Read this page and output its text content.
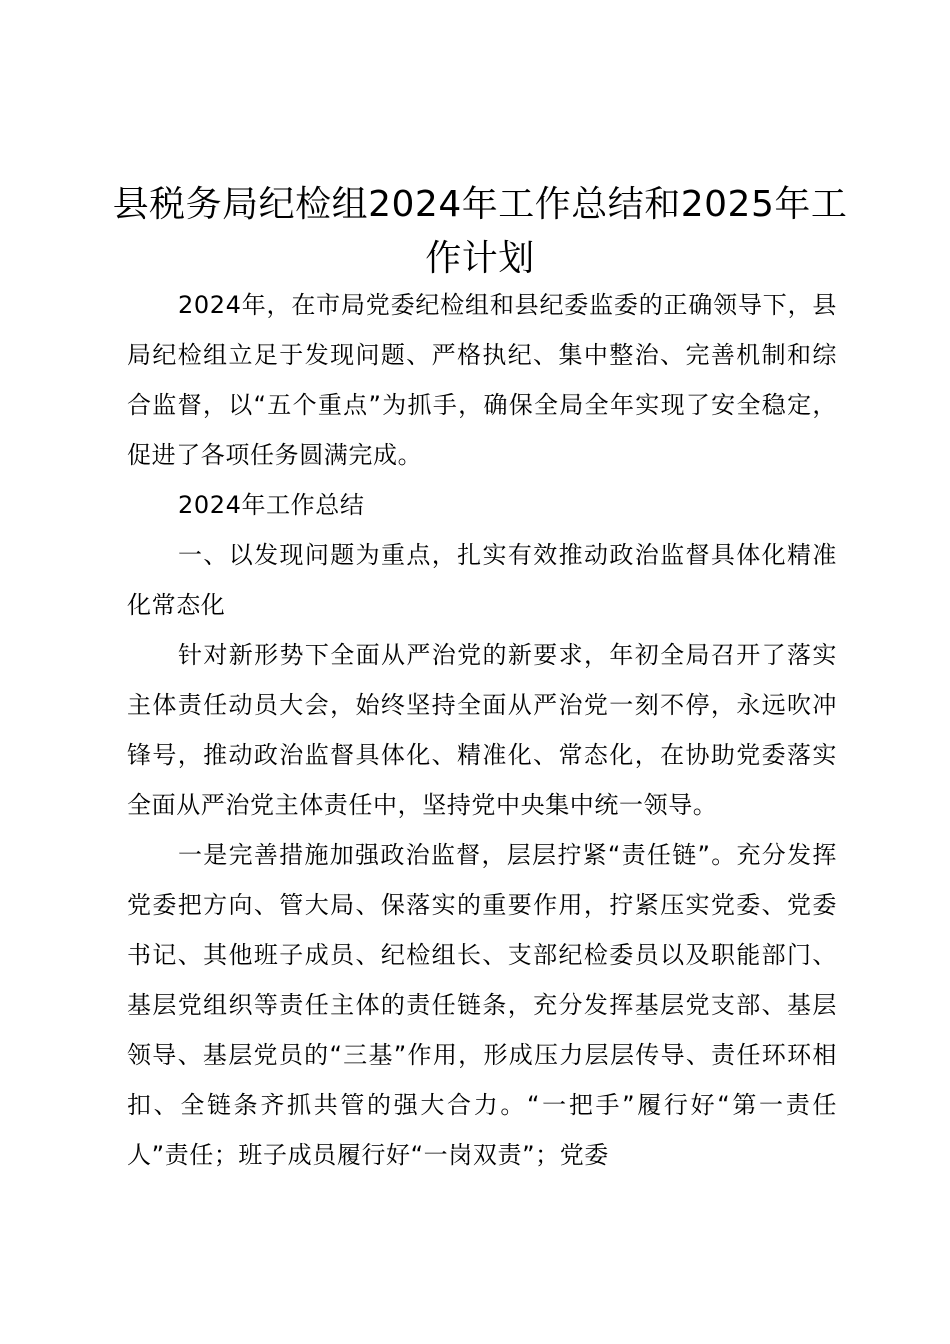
县税务局纪检组2024年工作总结和2025年工作计划

2024年，在市局党委纪检组和县纪委监委的正确领导下，县局纪检组立足于发现问题、严格执纪、集中整治、完善机制和综合监督，以“五个重点”为抓手，确保全局全年实现了安全稳定，促进了各项任务圆满完成。

2024年工作总结

一、以发现问题为重点，扎实有效推动政治监督具体化精准化常态化

针对新形势下全面从严治党的新要求，年初全局召开了落实主体责任动员大会，始终坚持全面从严治党一刻不停，永远吹冲锋号，推动政治监督具体化、精准化、常态化，在协助党委落实全面从严治党主体责任中，坚持党中央集中统一领导。

一是完善措施加强政治监督，层层拧紧“责任链”。充分发挥党委把方向、管大局、保落实的重要作用，拧紧压实党委、党委书记、其他班子成员、纪检组长、支部纪检委员以及职能部门、基层党组织等责任主体的责任链条，充分发挥基层党支部、基层领导、基层党员的“三基”作用，形成压力层层传导、责任环环相扣、全链条齐抓共管的强大合力。“一把手”履行好“第一责任人”责任；班子成员履行好“一岗双责”；党委
